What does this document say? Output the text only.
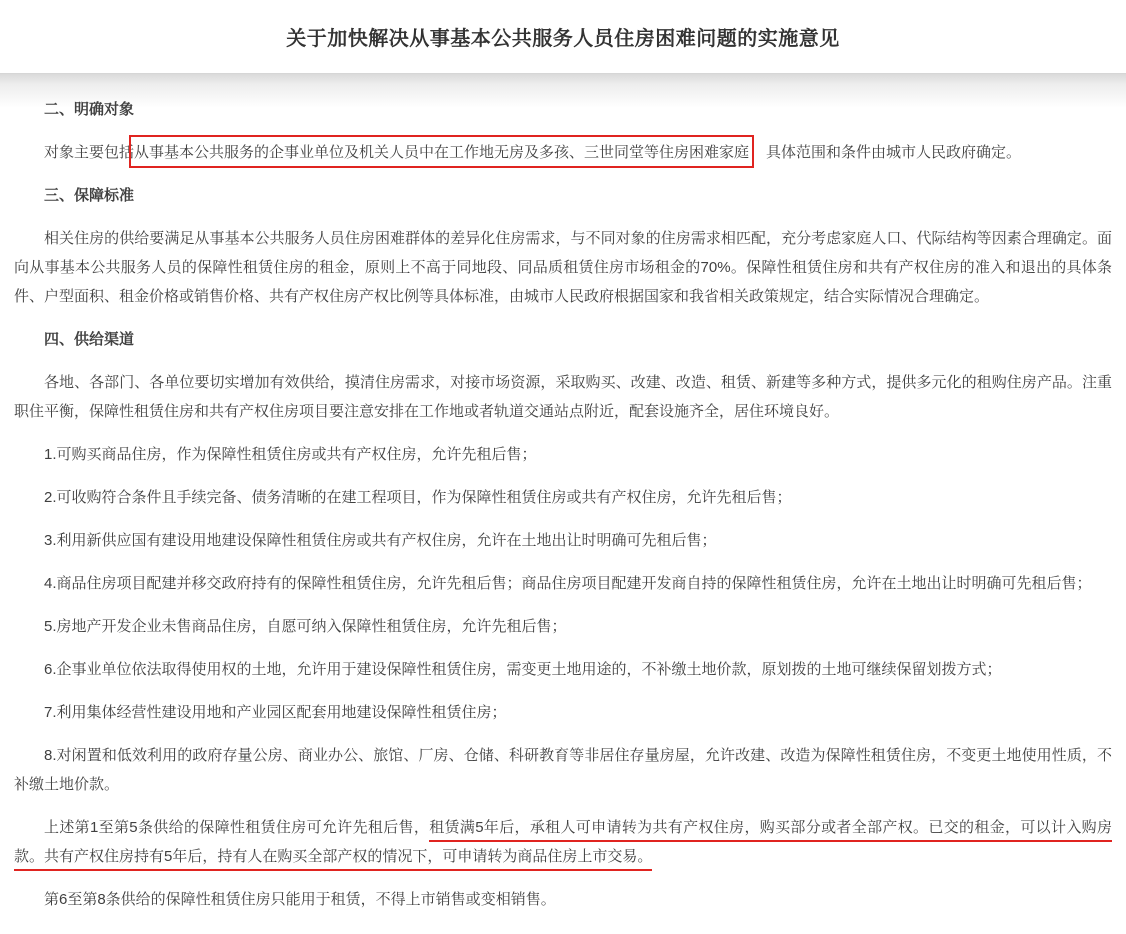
关于加快解决从事基本公共服务人员住房困难问题的实施意见

二、明确对象

对象主要包括从事基本公共服务的企事业单位及机关人员中在工作地无房及多孩、三世同堂等住房困难家庭 具体范围和条件由城市人民政府确定。

三、保障标准

相关住房的供给要满足从事基本公共服务人员住房困难群体的差异化住房需求，与不同对象的住房需求相匹配，充分考虑家庭人口、代际结构等因素合理确定。面向从事基本公共服务人员的保障性租赁住房的租金，原则上不高于同地段、同品质租赁住房市场租金的70%。保障性租赁住房和共有产权住房的准入和退出的具体条件、户型面积、租金价格或销售价格、共有产权住房产权比例等具体标准，由城市人民政府根据国家和我省相关政策规定，结合实际情况合理确定。

四、供给渠道

各地、各部门、各单位要切实增加有效供给，摸清住房需求，对接市场资源，采取购买、改建、改造、租赁、新建等多种方式，提供多元化的租购住房产品。注重职住平衡，保障性租赁住房和共有产权住房项目要注意安排在工作地或者轨道交通站点附近，配套设施齐全，居住环境良好。

1.可购买商品住房，作为保障性租赁住房或共有产权住房，允许先租后售；

2.可收购符合条件且手续完备、债务清晰的在建工程项目，作为保障性租赁住房或共有产权住房，允许先租后售；

3.利用新供应国有建设用地建设保障性租赁住房或共有产权住房，允许在土地出让时明确可先租后售；

4.商品住房项目配建并移交政府持有的保障性租赁住房，允许先租后售；商品住房项目配建开发商自持的保障性租赁住房，允许在土地出让时明确可先租后售；

5.房地产开发企业未售商品住房，自愿可纳入保障性租赁住房，允许先租后售；

6.企事业单位依法取得使用权的土地，允许用于建设保障性租赁住房，需变更土地用途的，不补缴土地价款，原划拨的土地可继续保留划拨方式；

7.利用集体经营性建设用地和产业园区配套用地建设保障性租赁住房；

8.对闲置和低效利用的政府存量公房、商业办公、旅馆、厂房、仓储、科研教育等非居住存量房屋，允许改建、改造为保障性租赁住房，不变更土地使用性质，不补缴土地价款。

上述第1至第5条供给的保障性租赁住房可允许先租后售，租赁满5年后，承租人可申请转为共有产权住房，购买部分或者全部产权。已交的租金，可以计入购房款。共有产权住房持有5年后，持有人在购买全部产权的情况下，可申请转为商品住房上市交易。

第6至第8条供给的保障性租赁住房只能用于租赁，不得上市销售或变相销售。
